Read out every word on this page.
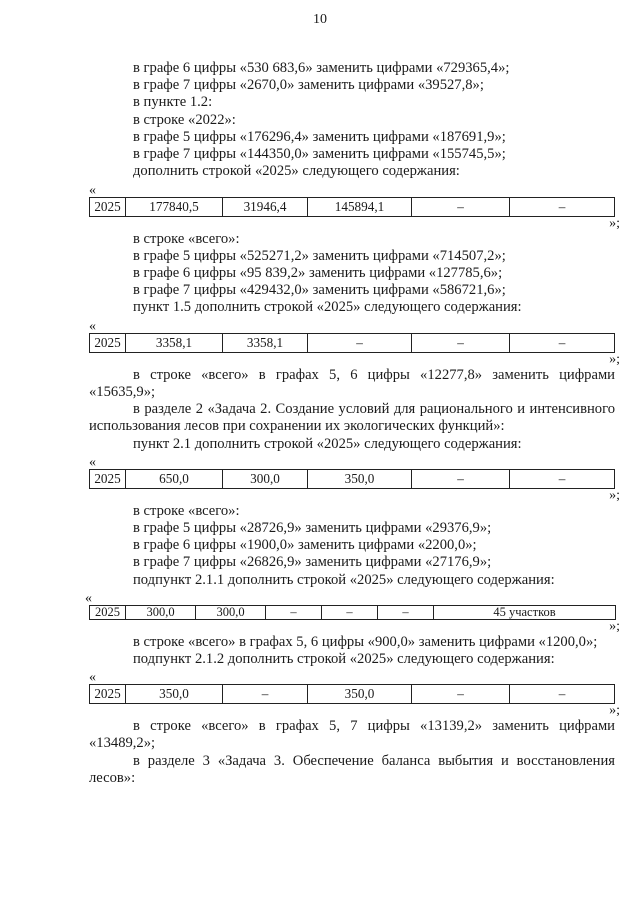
10

в графе 6 цифры «530 683,6» заменить цифрами «729365,4»;

в графе 7 цифры «2670,0» заменить цифрами «39527,8»;

в пункте 1.2:

в строке «2022»:

в графе 5 цифры «176296,4» заменить цифрами «187691,9»;

в графе 7 цифры «144350,0» заменить цифрами «155745,5»;

дополнить строкой «2025» следующего содержания:

«
2025	177840,5	31946,4	145894,1	–	–
»;

в строке «всего»:

в графе 5 цифры «525271,2» заменить цифрами «714507,2»;

в графе 6 цифры «95 839,2» заменить цифрами «127785,6»;

в графе 7 цифры «429432,0» заменить цифрами «586721,6»;

пункт 1.5 дополнить строкой «2025» следующего содержания:

«
2025	3358,1	3358,1	–	–	–
»;

в строке «всего» в графах 5, 6 цифры «12277,8» заменить цифрами «15635,9»;

в разделе 2 «Задача 2. Создание условий для рационального и интенсивного использования лесов при сохранении их экологических функций»:

пункт 2.1 дополнить строкой «2025» следующего содержания:

«
2025	650,0	300,0	350,0	–	–
»;

в строке «всего»:

в графе 5 цифры «28726,9» заменить цифрами «29376,9»;

в графе 6 цифры «1900,0» заменить цифрами «2200,0»;

в графе 7 цифры «26826,9» заменить цифрами «27176,9»;

подпункт 2.1.1 дополнить строкой «2025» следующего содержания:

«
2025	300,0	300,0	–	–	–	45 участков
»;

в строке «всего» в графах 5, 6 цифры «900,0» заменить цифрами «1200,0»;

подпункт 2.1.2 дополнить строкой «2025» следующего содержания:

«
2025	350,0	–	350,0	–	–
»;

в строке «всего» в графах 5, 7 цифры «13139,2» заменить цифрами «13489,2»;

в разделе 3 «Задача 3. Обеспечение баланса выбытия и восстановления лесов»:
